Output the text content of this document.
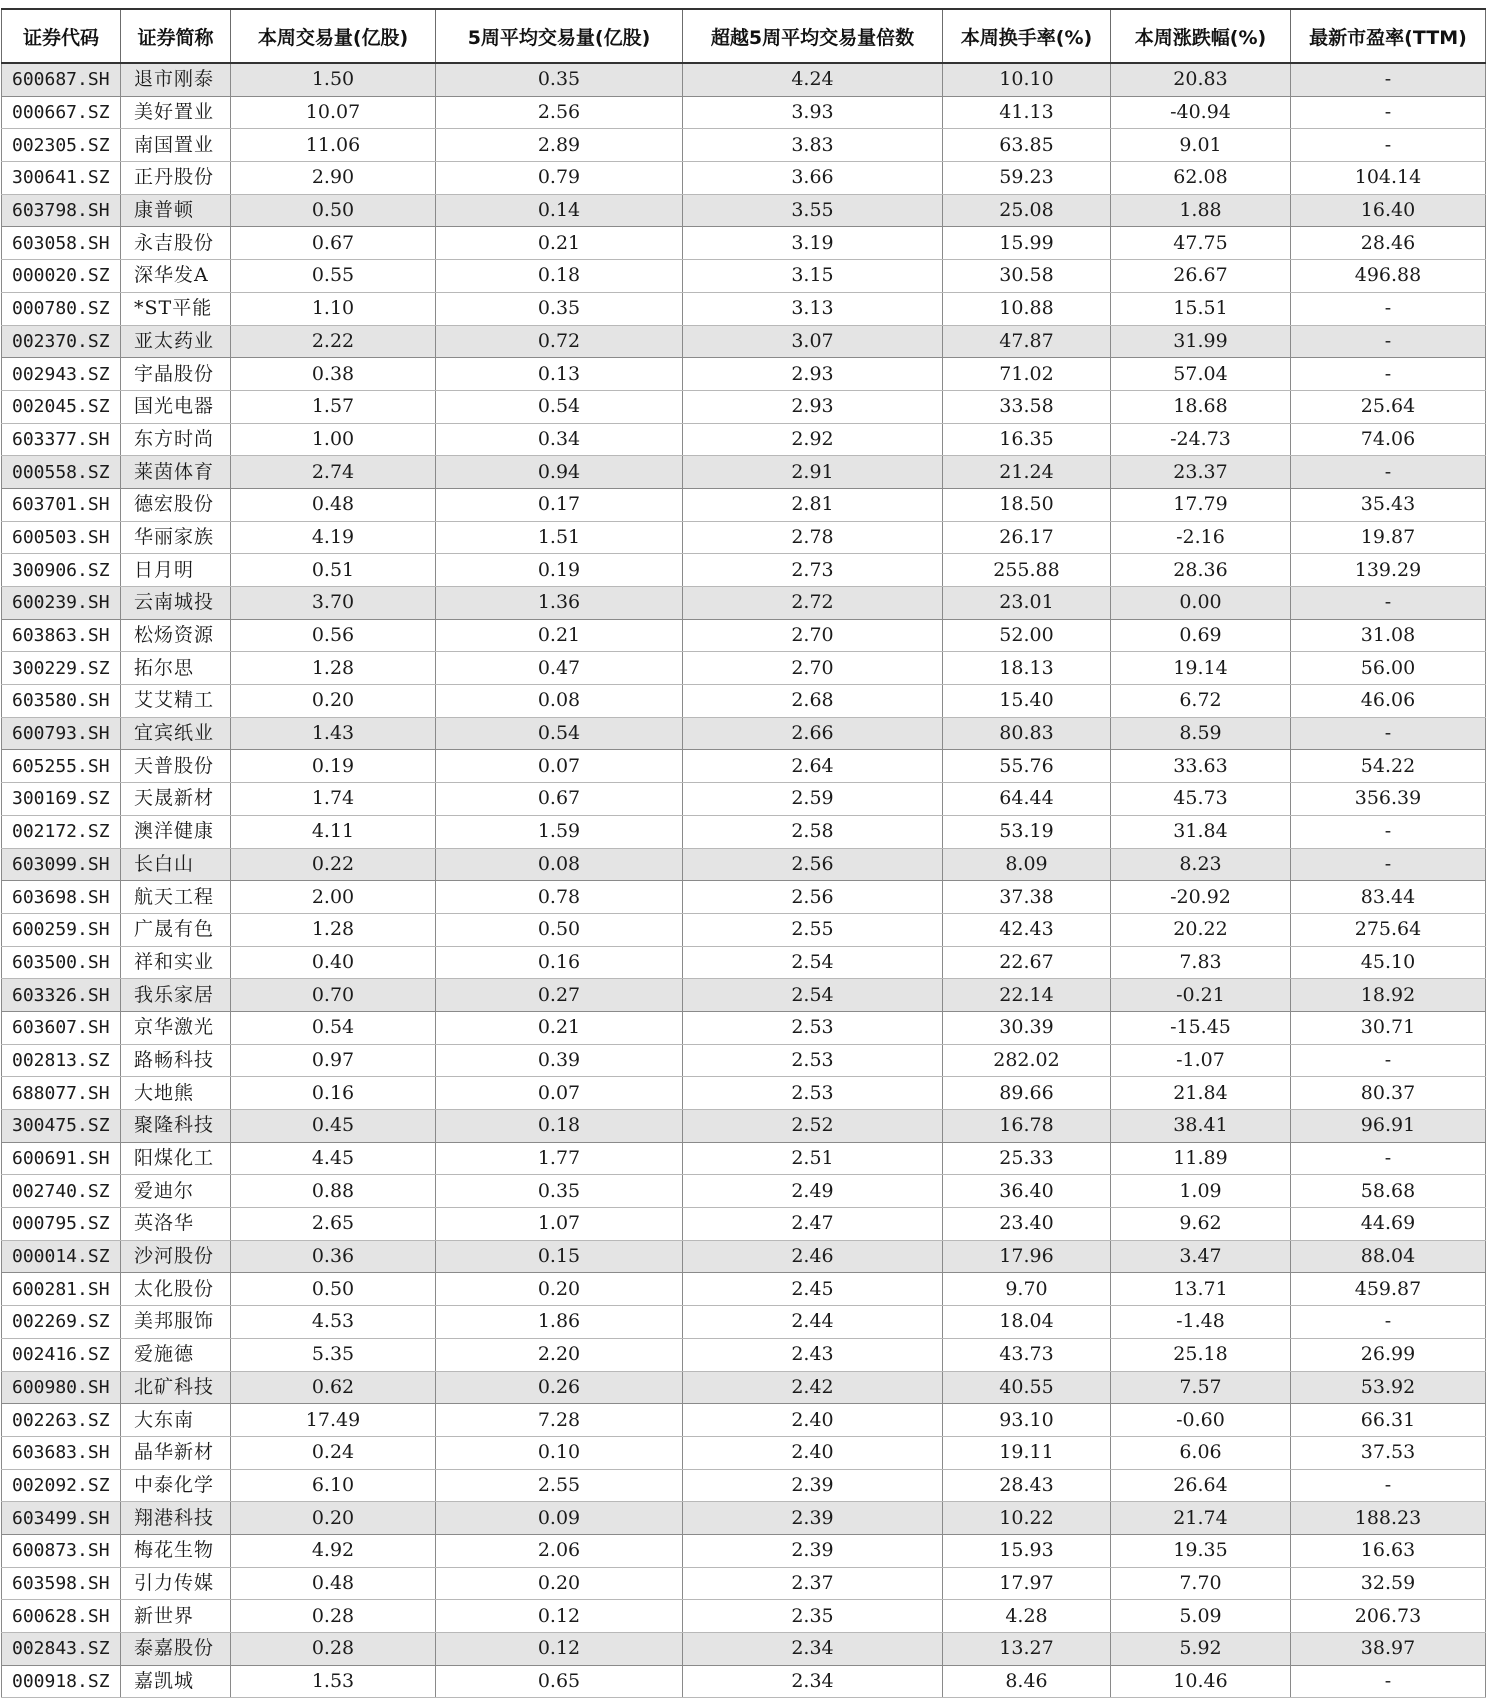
证券代码	证券简称	本周交易量(亿股)	5周平均交易量(亿股)	超越5周平均交易量倍数	本周换手率(%)	本周涨跌幅(%)	最新市盈率(TTM)
600687.SH	退市刚泰	1.50	0.35	4.24	10.10	20.83	-
000667.SZ	美好置业	10.07	2.56	3.93	41.13	-40.94	-
002305.SZ	南国置业	11.06	2.89	3.83	63.85	9.01	-
300641.SZ	正丹股份	2.90	0.79	3.66	59.23	62.08	104.14
603798.SH	康普顿	0.50	0.14	3.55	25.08	1.88	16.40
603058.SH	永吉股份	0.67	0.21	3.19	15.99	47.75	28.46
000020.SZ	深华发A	0.55	0.18	3.15	30.58	26.67	496.88
000780.SZ	*ST平能	1.10	0.35	3.13	10.88	15.51	-
002370.SZ	亚太药业	2.22	0.72	3.07	47.87	31.99	-
002943.SZ	宇晶股份	0.38	0.13	2.93	71.02	57.04	-
002045.SZ	国光电器	1.57	0.54	2.93	33.58	18.68	25.64
603377.SH	东方时尚	1.00	0.34	2.92	16.35	-24.73	74.06
000558.SZ	莱茵体育	2.74	0.94	2.91	21.24	23.37	-
603701.SH	德宏股份	0.48	0.17	2.81	18.50	17.79	35.43
600503.SH	华丽家族	4.19	1.51	2.78	26.17	-2.16	19.87
300906.SZ	日月明	0.51	0.19	2.73	255.88	28.36	139.29
600239.SH	云南城投	3.70	1.36	2.72	23.01	0.00	-
603863.SH	松炀资源	0.56	0.21	2.70	52.00	0.69	31.08
300229.SZ	拓尔思	1.28	0.47	2.70	18.13	19.14	56.00
603580.SH	艾艾精工	0.20	0.08	2.68	15.40	6.72	46.06
600793.SH	宜宾纸业	1.43	0.54	2.66	80.83	8.59	-
605255.SH	天普股份	0.19	0.07	2.64	55.76	33.63	54.22
300169.SZ	天晟新材	1.74	0.67	2.59	64.44	45.73	356.39
002172.SZ	澳洋健康	4.11	1.59	2.58	53.19	31.84	-
603099.SH	长白山	0.22	0.08	2.56	8.09	8.23	-
603698.SH	航天工程	2.00	0.78	2.56	37.38	-20.92	83.44
600259.SH	广晟有色	1.28	0.50	2.55	42.43	20.22	275.64
603500.SH	祥和实业	0.40	0.16	2.54	22.67	7.83	45.10
603326.SH	我乐家居	0.70	0.27	2.54	22.14	-0.21	18.92
603607.SH	京华激光	0.54	0.21	2.53	30.39	-15.45	30.71
002813.SZ	路畅科技	0.97	0.39	2.53	282.02	-1.07	-
688077.SH	大地熊	0.16	0.07	2.53	89.66	21.84	80.37
300475.SZ	聚隆科技	0.45	0.18	2.52	16.78	38.41	96.91
600691.SH	阳煤化工	4.45	1.77	2.51	25.33	11.89	-
002740.SZ	爱迪尔	0.88	0.35	2.49	36.40	1.09	58.68
000795.SZ	英洛华	2.65	1.07	2.47	23.40	9.62	44.69
000014.SZ	沙河股份	0.36	0.15	2.46	17.96	3.47	88.04
600281.SH	太化股份	0.50	0.20	2.45	9.70	13.71	459.87
002269.SZ	美邦服饰	4.53	1.86	2.44	18.04	-1.48	-
002416.SZ	爱施德	5.35	2.20	2.43	43.73	25.18	26.99
600980.SH	北矿科技	0.62	0.26	2.42	40.55	7.57	53.92
002263.SZ	大东南	17.49	7.28	2.40	93.10	-0.60	66.31
603683.SH	晶华新材	0.24	0.10	2.40	19.11	6.06	37.53
002092.SZ	中泰化学	6.10	2.55	2.39	28.43	26.64	-
603499.SH	翔港科技	0.20	0.09	2.39	10.22	21.74	188.23
600873.SH	梅花生物	4.92	2.06	2.39	15.93	19.35	16.63
603598.SH	引力传媒	0.48	0.20	2.37	17.97	7.70	32.59
600628.SH	新世界	0.28	0.12	2.35	4.28	5.09	206.73
002843.SZ	泰嘉股份	0.28	0.12	2.34	13.27	5.92	38.97
000918.SZ	嘉凯城	1.53	0.65	2.34	8.46	10.46	-
